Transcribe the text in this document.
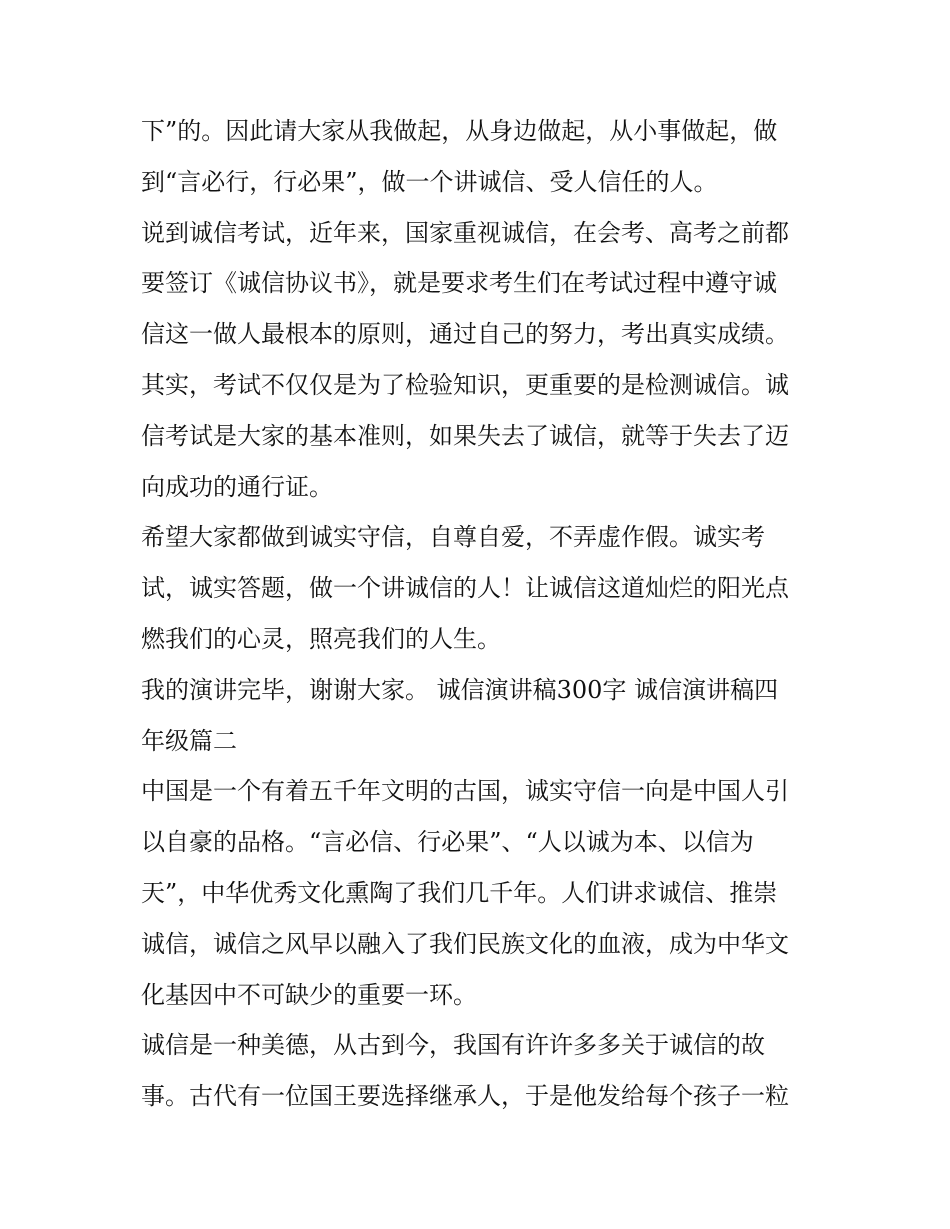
下”的。因此请大家从我做起，从身边做起，从小事做起，做
到“言必行，行必果”，做一个讲诚信、受人信任的人。
说到诚信考试，近年来，国家重视诚信，在会考、高考之前都
要签订《诚信协议书》，就是要求考生们在考试过程中遵守诚
信这一做人最根本的原则，通过自己的努力，考出真实成绩。
其实，考试不仅仅是为了检验知识，更重要的是检测诚信。诚
信考试是大家的基本准则，如果失去了诚信，就等于失去了迈
向成功的通行证。
希望大家都做到诚实守信，自尊自爱，不弄虚作假。诚实考
试，诚实答题，做一个讲诚信的人！让诚信这道灿烂的阳光点
燃我们的心灵，照亮我们的人生。
我的演讲完毕，谢谢大家。 诚信演讲稿300字 诚信演讲稿四
年级篇二
中国是一个有着五千年文明的古国，诚实守信一向是中国人引
以自豪的品格。“言必信、行必果”、“人以诚为本、以信为
天”，中华优秀文化熏陶了我们几千年。人们讲求诚信、推崇
诚信，诚信之风早以融入了我们民族文化的血液，成为中华文
化基因中不可缺少的重要一环。
诚信是一种美德，从古到今，我国有许许多多关于诚信的故
事。古代有一位国王要选择继承人，于是他发给每个孩子一粒
